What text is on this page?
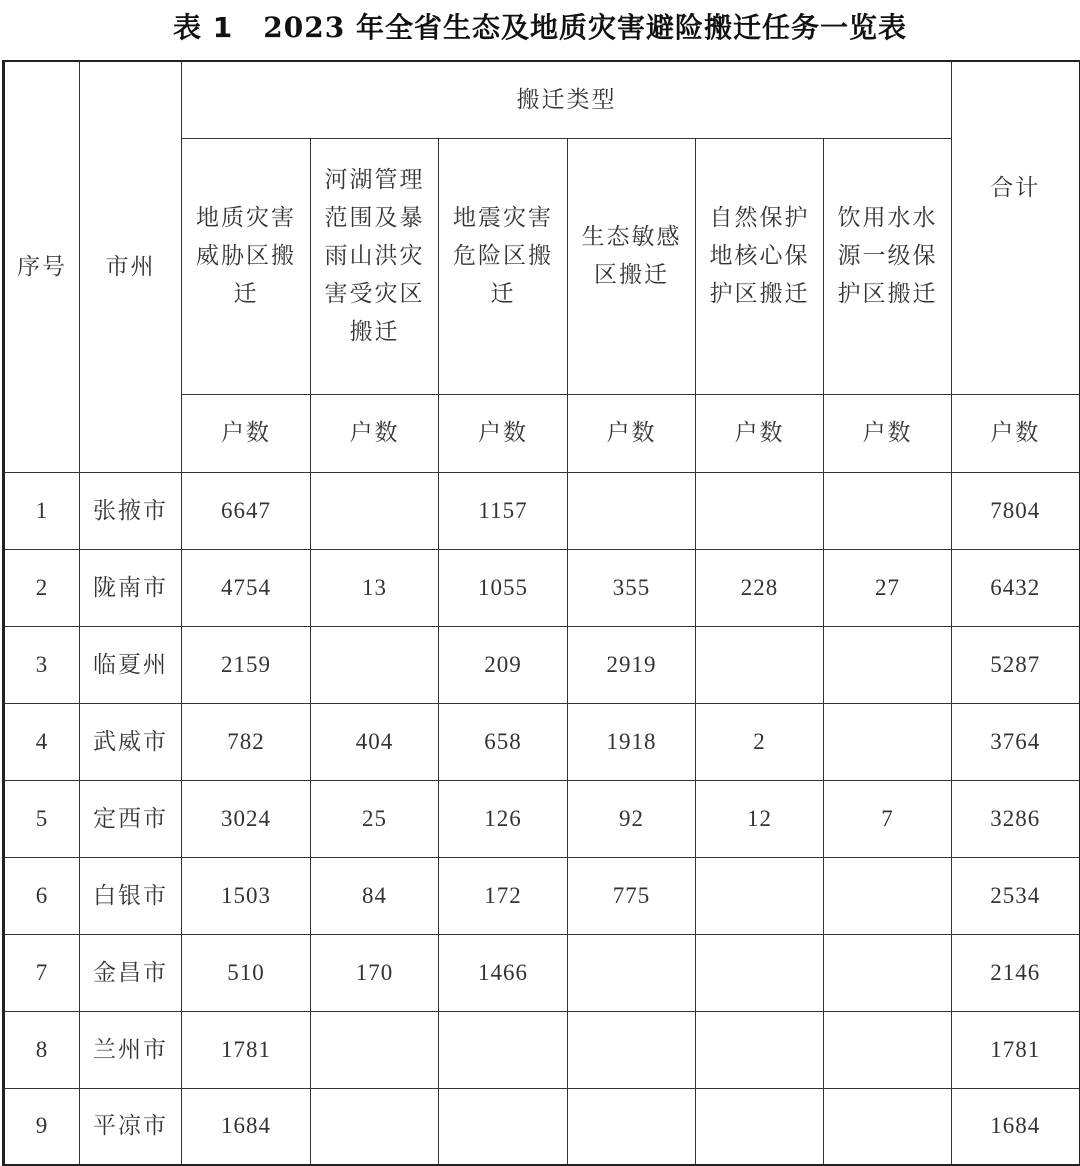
表 1 2023 年全省生态及地质灾害避险搬迁任务一览表
序号	市州	搬迁类型						合计
		地质灾害威胁区搬迁	河湖管理范围及暴雨山洪灾害受灾区搬迁	地震灾害危险区搬迁	生态敏感区搬迁	自然保护地核心保护区搬迁	饮用水水源一级保护区搬迁	
		户数	户数	户数	户数	户数	户数	户数
1	张掖市	6647		1157				7804
2	陇南市	4754	13	1055	355	228	27	6432
3	临夏州	2159		209	2919			5287
4	武威市	782	404	658	1918	2		3764
5	定西市	3024	25	126	92	12	7	3286
6	白银市	1503	84	172	775			2534
7	金昌市	510	170	1466				2146
8	兰州市	1781						1781
9	平凉市	1684						1684
